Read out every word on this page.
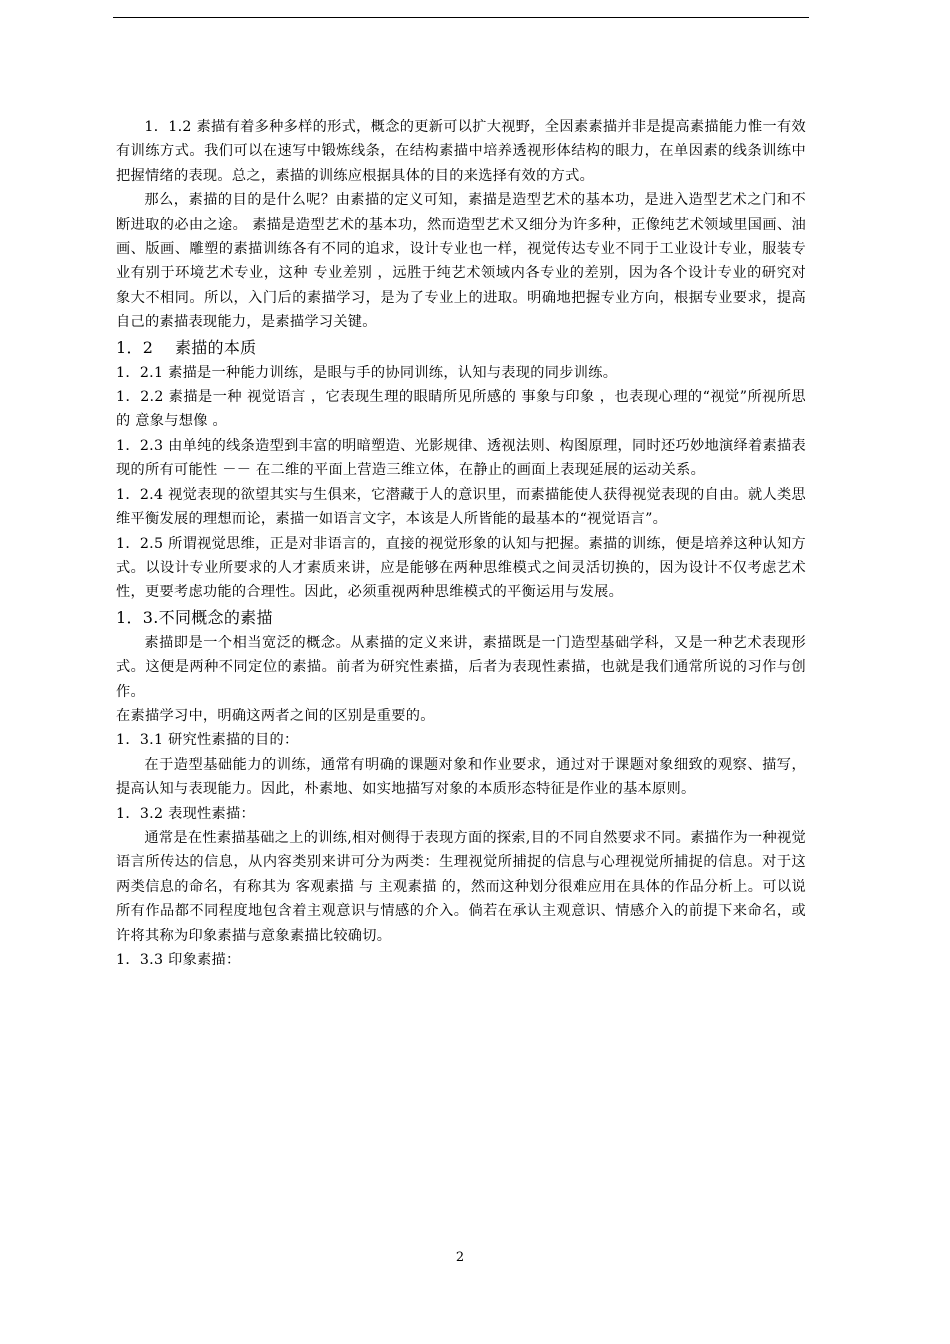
1．1.2 素描有着多种多样的形式，概念的更新可以扩大视野，全因素素描并非是提高素描能力惟一有效有训练方式。我们可以在速写中锻炼线条，在结构素描中培养透视形体结构的眼力，在单因素的线条训练中把握情绪的表现。总之，素描的训练应根据具体的目的来选择有效的方式。

那么，素描的目的是什么呢？由素描的定义可知，素描是造型艺术的基本功，是进入造型艺术之门和不断进取的必由之途。 素描是造型艺术的基本功，然而造型艺术又细分为许多种，正像纯艺术领域里国画、油画、版画、雕塑的素描训练各有不同的追求，设计专业也一样，视觉传达专业不同于工业设计专业，服装专业有别于环境艺术专业，这种 专业差别 ，远胜于纯艺术领域内各专业的差别，因为各个设计专业的研究对象大不相同。所以，入门后的素描学习，是为了专业上的进取。明确地把握专业方向，根据专业要求，提高自己的素描表现能力，是素描学习关键。

1．2　 素描的本质

1．2.1 素描是一种能力训练，是眼与手的协同训练，认知与表现的同步训练。

1．2.2 素描是一种 视觉语言 ，它表现生理的眼睛所见所感的 事象与印象 ，也表现心理的“视觉”所视所思的 意象与想像 。

1．2.3 由单纯的线条造型到丰富的明暗塑造、光影规律、透视法则、构图原理，同时还巧妙地演绎着素描表现的所有可能性 －－ 在二维的平面上营造三维立体，在静止的画面上表现延展的运动关系。

1．2.4 视觉表现的欲望其实与生俱来，它潜藏于人的意识里，而素描能使人获得视觉表现的自由。就人类思维平衡发展的理想而论，素描一如语言文字，本该是人所皆能的最基本的“视觉语言”。

1．2.5 所谓视觉思维，正是对非语言的，直接的视觉形象的认知与把握。素描的训练，便是培养这种认知方式。以设计专业所要求的人才素质来讲，应是能够在两种思维模式之间灵活切换的，因为设计不仅考虑艺术性，更要考虑功能的合理性。因此，必须重视两种思维模式的平衡运用与发展。

1．3.不同概念的素描

素描即是一个相当宽泛的概念。从素描的定义来讲，素描既是一门造型基础学科，又是一种艺术表现形式。这便是两种不同定位的素描。前者为研究性素描，后者为表现性素描，也就是我们通常所说的习作与创作。

在素描学习中，明确这两者之间的区别是重要的。

1．3.1 研究性素描的目的：

在于造型基础能力的训练，通常有明确的课题对象和作业要求，通过对于课题对象细致的观察、描写，提高认知与表现能力。因此，朴素地、如实地描写对象的本质形态特征是作业的基本原则。

1．3.2 表现性素描：

通常是在性素描基础之上的训练,相对侧得于表现方面的探索,目的不同自然要求不同。素描作为一种视觉语言所传达的信息，从内容类别来讲可分为两类：生理视觉所捕捉的信息与心理视觉所捕捉的信息。对于这两类信息的命名，有称其为 客观素描 与 主观素描 的，然而这种划分很难应用在具体的作品分析上。可以说所有作品都不同程度地包含着主观意识与情感的介入。倘若在承认主观意识、情感介入的前提下来命名，或许将其称为印象素描与意象素描比较确切。

1．3.3 印象素描：

2
